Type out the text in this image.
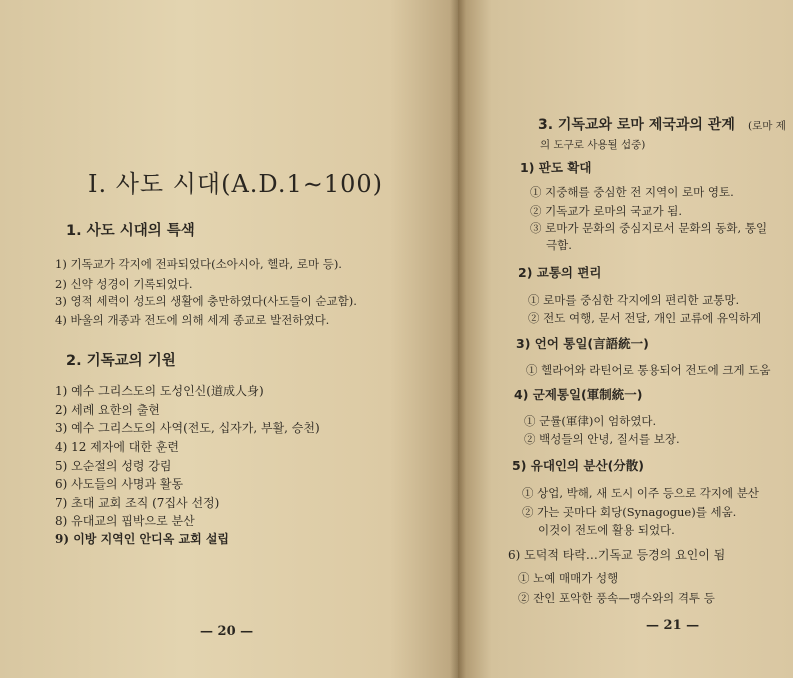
Ⅰ. 사도 시대(A.D.1∼100)
1. 사도 시대의 특색
1) 기독교가 각지에 전파되었다(소아시아, 헬라, 로마 등).
2) 신약 성경이 기록되었다.
3) 영적 세력이 성도의 생활에 충만하였다(사도들이 순교함).
4) 바울의 개종과 전도에 의해 세계 종교로 발전하였다.
2. 기독교의 기원
1) 예수 그리스도의 도성인신(道成人身)
2) 세례 요한의 출현
3) 예수 그리스도의 사역(전도, 십자가, 부활, 승천)
4) 12 제자에 대한 훈련
5) 오순절의 성령 강림
6) 사도들의 사명과 활동
7) 초대 교회 조직 (7집사 선정)
8) 유대교의 핍박으로 분산
9) 이방 지역인 안디옥 교회 설립
— 20 —
3. 기독교와 로마 제국과의 관계 (로마 제
의 도구로 사용될 섭중)
1) 판도 확대
① 지중해를 중심한 전 지역이 로마 영토.
② 기독교가 로마의 국교가 됨.
③ 로마가 문화의 중심지로서 문화의 동화, 통일
극함.
2) 교통의 편리
① 로마를 중심한 각지에의 편리한 교통망.
② 전도 여행, 문서 전달, 개인 교류에 유익하게
3) 언어 통일(言語統一)
① 헬라어와 라틴어로 통용되어 전도에 크게 도움
4) 군제통일(軍制統一)
① 군률(軍律)이 엄하였다.
② 백성들의 안녕, 질서를 보장.
5) 유대인의 분산(分散)
① 상업, 박해, 새 도시 이주 등으로 각지에 분산
② 가는 곳마다 회당(Synagogue)를 세움.
이것이 전도에 활용 되었다.
6) 도덕적 타락…기독교 등경의 요인이 됨
① 노예 매매가 성행
② 잔인 포악한 풍속—맹수와의 격투 등
— 21 —
